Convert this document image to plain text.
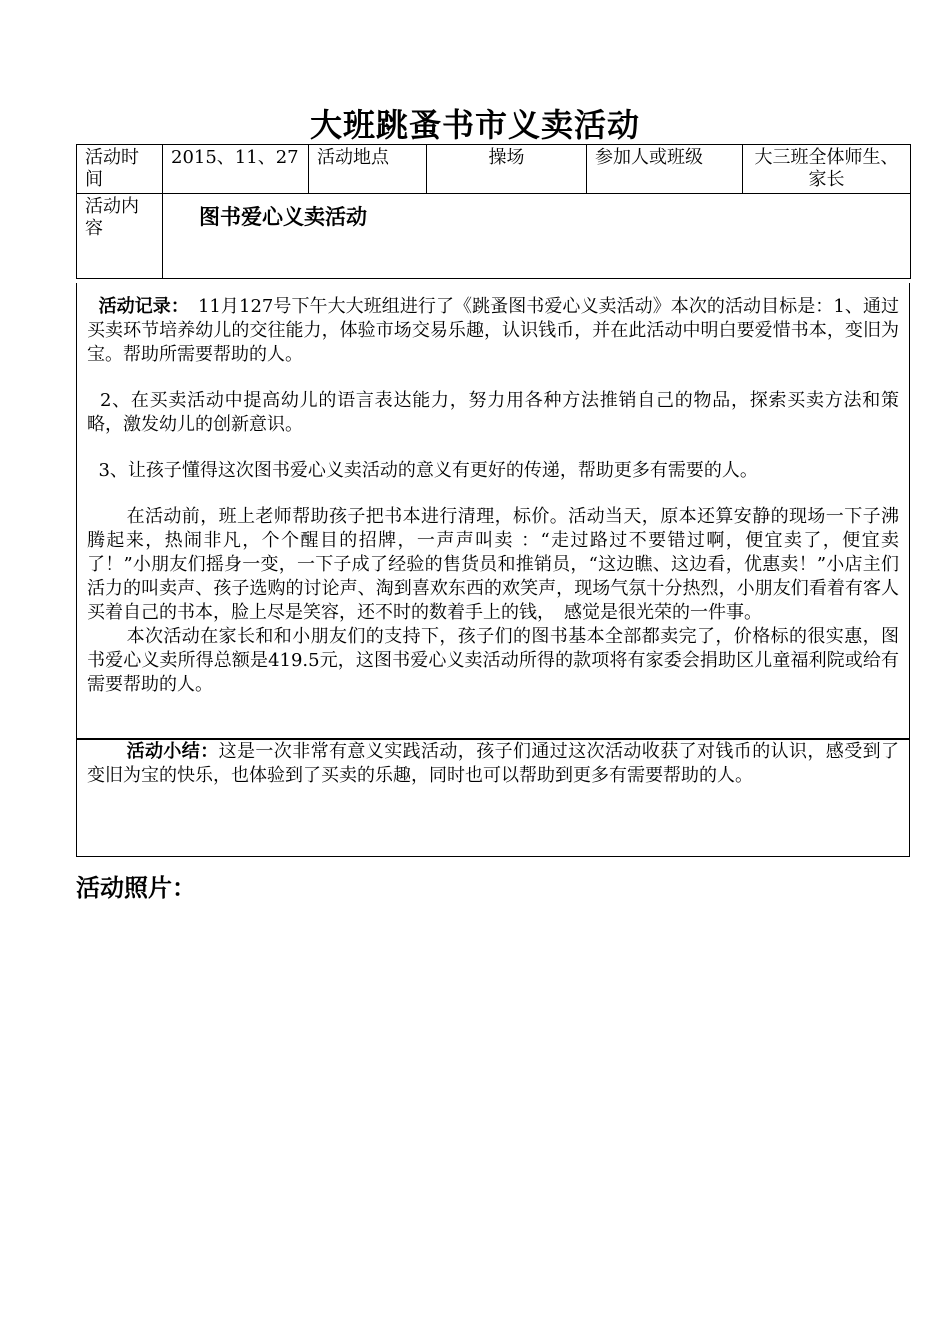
大班跳蚤书市义卖活动
活动时间	2015、11、27	活动地点	操场	参加人或班级	大三班全体师生、家长
活动内容	图书爱心义卖活动				

活动记录：　11月127号下午大大班组进行了《跳蚤图书爱心义卖活动》本次的活动目标是：1、通过买卖环节培养幼儿的交往能力，体验市场交易乐趣，认识钱币，并在此活动中明白要爱惜书本，变旧为宝。帮助所需要帮助的人。

2、在买卖活动中提高幼儿的语言表达能力，努力用各种方法推销自己的物品，探索买卖方法和策略，激发幼儿的创新意识。

3、让孩子懂得这次图书爱心义卖活动的意义有更好的传递，帮助更多有需要的人。

在活动前，班上老师帮助孩子把书本进行清理，标价。活动当天，原本还算安静的现场一下子沸腾起来，热闹非凡，个个醒目的招牌，一声声叫卖 ：“走过路过不要错过啊，便宜卖了，便宜卖了！”小朋友们摇身一变，一下子成了经验的售货员和推销员，“这边瞧、这边看，优惠卖！”小店主们活力的叫卖声、孩子选购的讨论声、淘到喜欢东西的欢笑声，现场气氛十分热烈，小朋友们看着有客人买着自己的书本，脸上尽是笑容，还不时的数着手上的钱，　感觉是很光荣的一件事。

本次活动在家长和和小朋友们的支持下，孩子们的图书基本全部都卖完了，价格标的很实惠，图书爱心义卖所得总额是419.5元，这图书爱心义卖活动所得的款项将有家委会捐助区儿童福利院或给有需要帮助的人。

活动小结：这是一次非常有意义实践活动，孩子们通过这次活动收获了对钱币的认识，感受到了变旧为宝的快乐，也体验到了买卖的乐趣，同时也可以帮助到更多有需要帮助的人。

活动照片：
